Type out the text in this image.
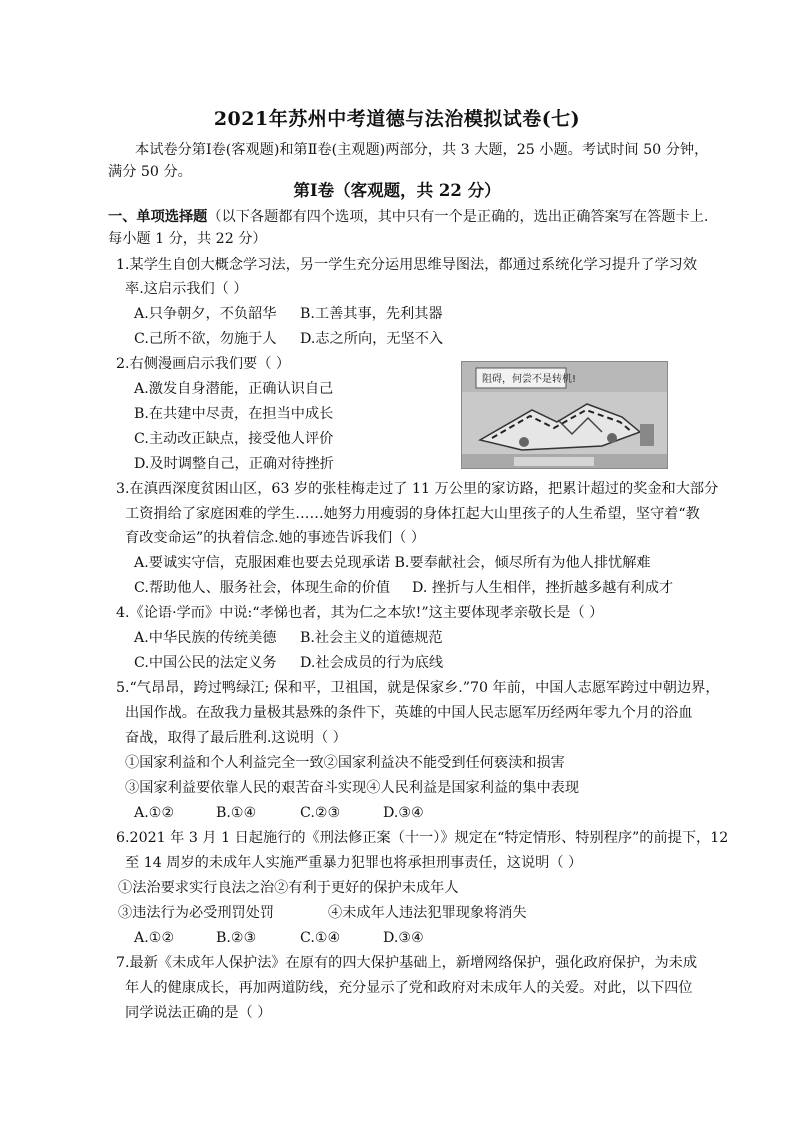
2021年苏州中考道德与法治模拟试卷(七)
本试卷分第Ⅰ卷(客观题)和第Ⅱ卷(主观题)两部分，共 3 大题，25 小题。考试时间 50 分钟，
满分 50 分。
第Ⅰ卷（客观题，共 22 分）
一、单项选择题（以下各题都有四个选项，其中只有一个是正确的，选出正确答案写在答题卡上.
每小题 1 分，共 22 分）
1.某学生自创大概念学习法，另一学生充分运用思维导图法，都通过系统化学习提升了学习效
率.这启示我们（ ）
A.只争朝夕，不负韶华 B.工善其事，先利其器
C.己所不欲，勿施于人 D.志之所向，无坚不入
2.右侧漫画启示我们要（ ）
A.激发自身潜能，正确认识自己
B.在共建中尽责，在担当中成长
C.主动改正缺点，接受他人评价
D.及时调整自己，正确对待挫折
阻碍，何尝不是转机!
3.在滇西深度贫困山区，63 岁的张桂梅走过了 11 万公里的家访路，把累计超过的奖金和大部分
工资捐给了家庭困难的学生……她努力用瘦弱的身体扛起大山里孩子的人生希望，坚守着“教
育改变命运”的执着信念.她的事迹告诉我们（ ）
A.要诚实守信，克服困难也要去兑现承诺 B.要奉献社会，倾尽所有为他人排忧解难
C.帮助他人、服务社会，体现生命的价值 D. 挫折与人生相伴，挫折越多越有利成才
4.《论语·学而》中说:“孝悌也者，其为仁之本欤!”这主要体现孝亲敬长是（ ）
A.中华民族的传统美德 B.社会主义的道德规范
C.中国公民的法定义务 D.社会成员的行为底线
5.“气昂昂，跨过鸭绿江; 保和平，卫祖国，就是保家乡.”70 年前，中国人志愿军跨过中朝边界，
出国作战。在敌我力量极其悬殊的条件下，英雄的中国人民志愿军历经两年零九个月的浴血
奋战，取得了最后胜利.这说明（ ）
①国家利益和个人利益完全一致②国家利益决不能受到任何亵渎和损害
③国家利益要依靠人民的艰苦奋斗实现④人民利益是国家利益的集中表现
A.①②	B.①④	C.②③	D.③④
6.2021 年 3 月 1 日起施行的《刑法修正案（十一）》规定在“特定情形、特别程序”的前提下，12
至 14 周岁的未成年人实施严重暴力犯罪也将承担刑事责任，这说明（ ）
①法治要求实行良法之治②有利于更好的保护未成年人
③违法行为必受刑罚处罚	④未成年人违法犯罪现象将消失
A.①②	B.②③	C.①④	D.③④
7.最新《未成年人保护法》在原有的四大保护基础上，新增网络保护，强化政府保护，为未成
年人的健康成长，再加两道防线，充分显示了党和政府对未成年人的关爱。对此，以下四位
同学说法正确的是（ ）
